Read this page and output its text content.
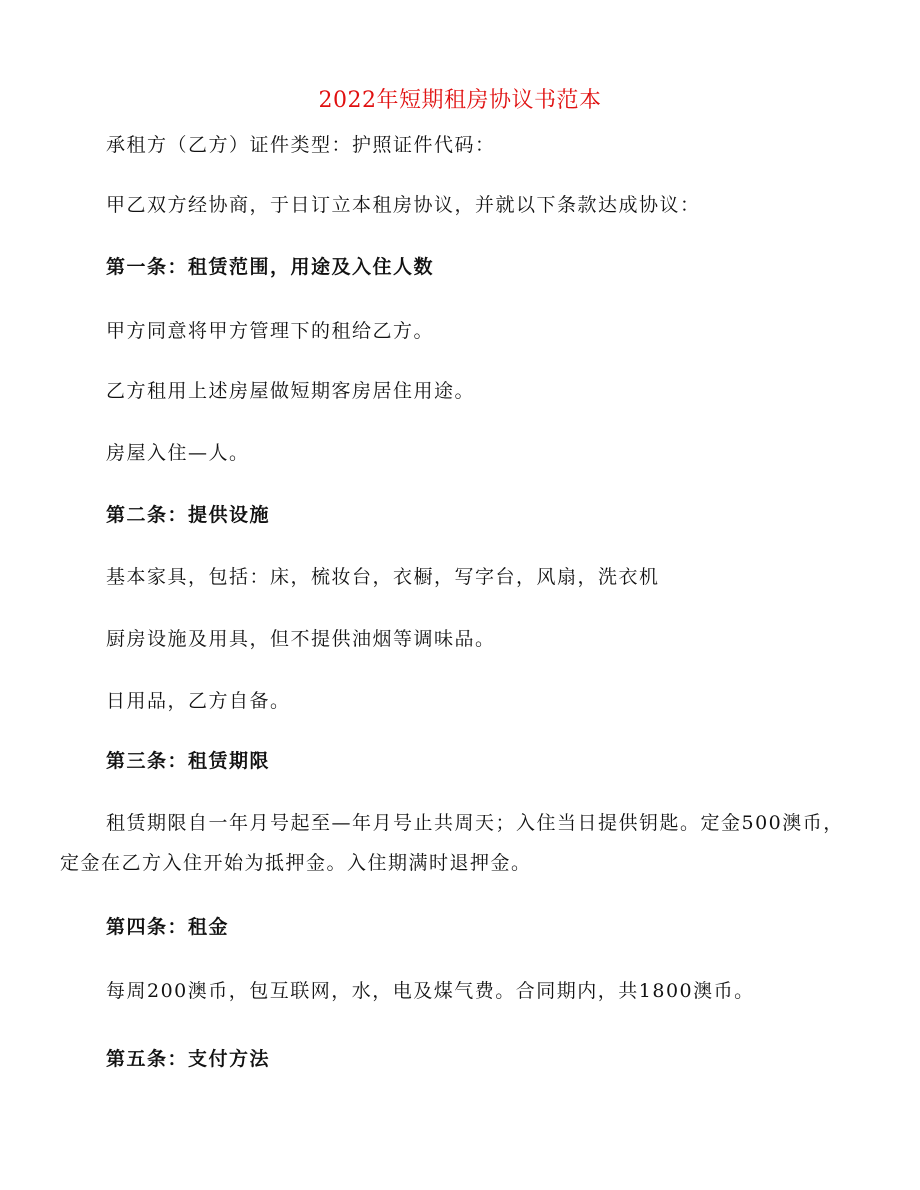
2022年短期租房协议书范本
承租方（乙方）证件类型：护照证件代码：
甲乙双方经协商，于日订立本租房协议，并就以下条款达成协议：
第一条：租赁范围，用途及入住人数
甲方同意将甲方管理下的租给乙方。
乙方租用上述房屋做短期客房居住用途。
房屋入住—人。
第二条：提供设施
基本家具，包括：床，梳妆台，衣橱，写字台，风扇，洗衣机
厨房设施及用具，但不提供油烟等调味品。
日用品，乙方自备。
第三条：租赁期限
租赁期限自一年月号起至—年月号止共周天；入住当日提供钥匙。定金500澳币，
定金在乙方入住开始为抵押金。入住期满时退押金。
第四条：租金
每周200澳币，包互联网，水，电及煤气费。合同期内，共1800澳币。
第五条：支付方法
